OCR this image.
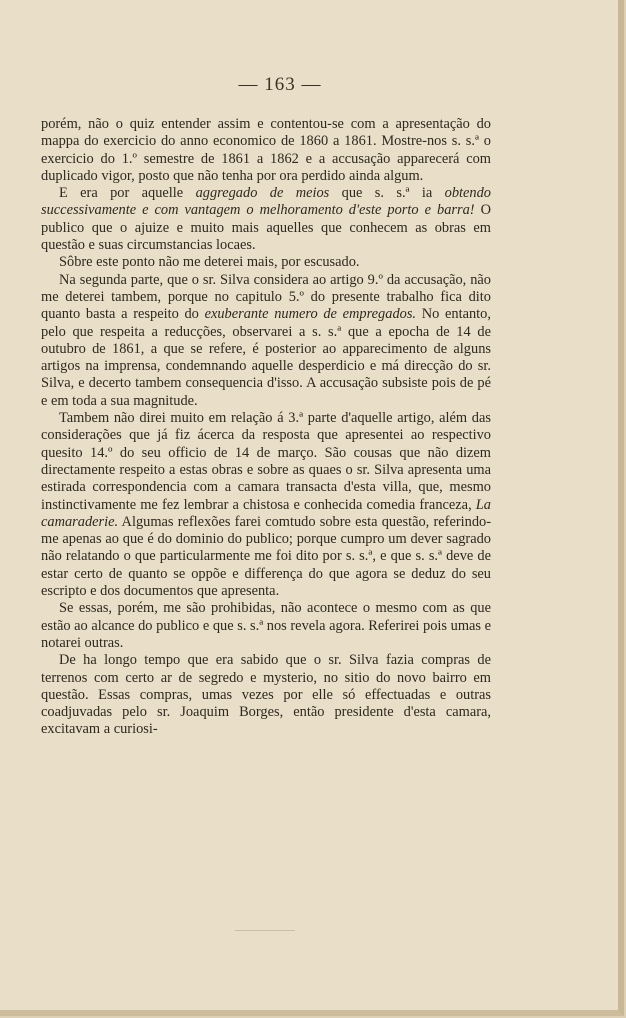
— 163 —

porém, não o quiz entender assim e contentou-se com a apresentação do mappa do exercicio do anno economico de 1860 a 1861. Mostre-nos s. s.ª o exercicio do 1.º semestre de 1861 a 1862 e a accusação apparecerá com duplicado vigor, posto que não tenha por ora perdido ainda algum.

E era por aquelle aggregado de meios que s. s.ª ia obtendo successivamente e com vantagem o melhoramento d'este porto e barra! O publico que o ajuize e muito mais aquelles que conhecem as obras em questão e suas circumstancias locaes.

Sôbre este ponto não me deterei mais, por escusado.

Na segunda parte, que o sr. Silva considera ao artigo 9.º da accusação, não me deterei tambem, porque no capitulo 5.º do presente trabalho fica dito quanto basta a respeito do exuberante numero de empregados. No entanto, pelo que respeita a reducções, observarei a s. s.ª que a epocha de 14 de outubro de 1861, a que se refere, é posterior ao apparecimento de alguns artigos na imprensa, condemnando aquelle desperdicio e má direcção do sr. Silva, e decerto tambem consequencia d'isso. A accusação subsiste pois de pé e em toda a sua magnitude.

Tambem não direi muito em relação á 3.ª parte d'aquelle artigo, além das considerações que já fiz ácerca da resposta que apresentei ao respectivo quesito 14.º do seu officio de 14 de março. São cousas que não dizem directamente respeito a estas obras e sobre as quaes o sr. Silva apresenta uma estirada correspondencia com a camara transacta d'esta villa, que, mesmo instinctivamente me fez lembrar a chistosa e conhecida comedia franceza, La camaraderie. Algumas reflexões farei comtudo sobre esta questão, referindo-me apenas ao que é do dominio do publico; porque cumpro um dever sagrado não relatando o que particularmente me foi dito por s. s.ª, e que s. s.ª deve de estar certo de quanto se oppõe e differença do que agora se deduz do seu escripto e dos documentos que apresenta.

Se essas, porém, me são prohibidas, não acontece o mesmo com as que estão ao alcance do publico e que s. s.ª nos revela agora. Referirei pois umas e notarei outras.

De ha longo tempo que era sabido que o sr. Silva fazia compras de terrenos com certo ar de segredo e mysterio, no sitio do novo bairro em questão. Essas compras, umas vezes por elle só effectuadas e outras coadjuvadas pelo sr. Joaquim Borges, então presidente d'esta camara, excitavam a curiosi-
